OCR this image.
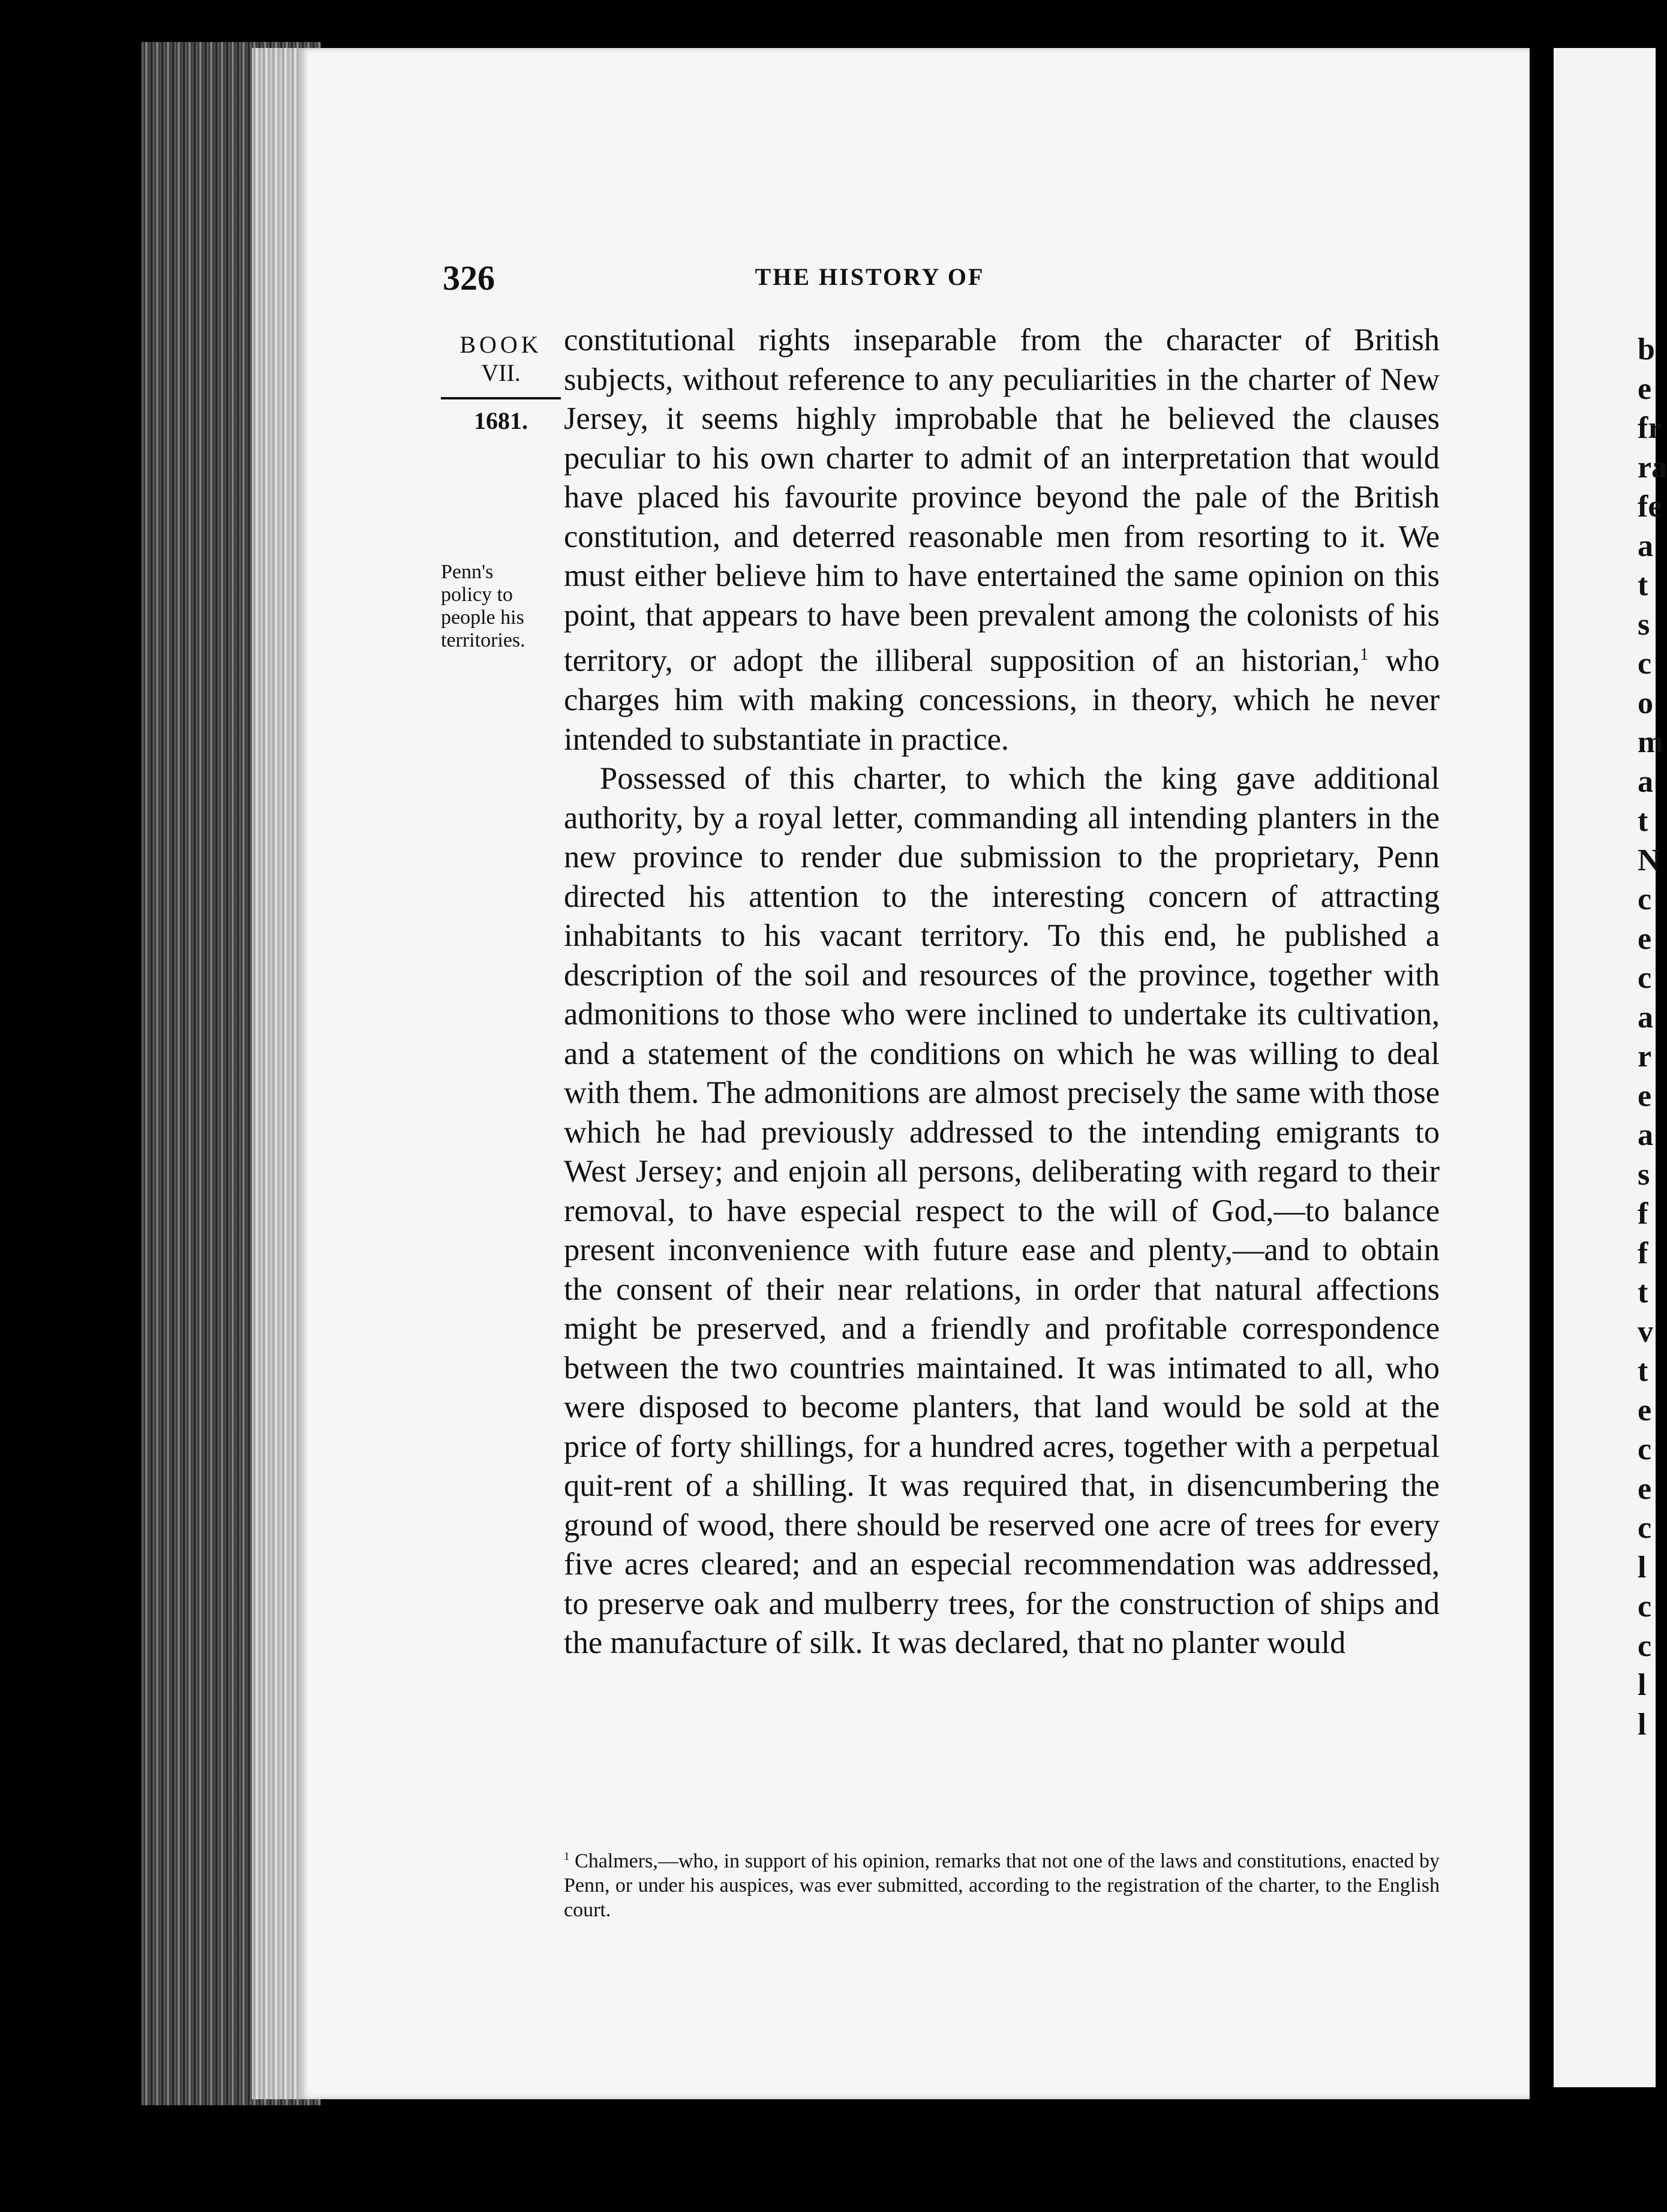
b
e
fr
ra
fe
a
t
s
c
o
m
a
t
N
c
e
c
a
r
e
a
s
f
f
t
v
t
e
c
e
c
l
c
c
l
l
326	THE HISTORY OF
BOOK
VII.
1681.
Penn's policy to people his territories.

constitutional rights inseparable from the character of British subjects, without reference to any peculiarities in the charter of New Jersey, it seems highly improbable that he believed the clauses peculiar to his own charter to admit of an interpretation that would have placed his favourite province beyond the pale of the British constitution, and deterred reasonable men from resorting to it. We must either believe him to have entertained the same opinion on this point, that appears to have been prevalent among the colonists of his territory, or adopt the illiberal supposition of an historian,$^1$ who charges him with making concessions, in theory, which he never intended to substantiate in practice.

Possessed of this charter, to which the king gave additional authority, by a royal letter, commanding all intending planters in the new province to render due submission to the proprietary, Penn directed his attention to the interesting concern of attracting inhabitants to his vacant territory. To this end, he published a description of the soil and resources of the province, together with admonitions to those who were inclined to undertake its cultivation, and a statement of the conditions on which he was willing to deal with them. The admonitions are almost precisely the same with those which he had previously addressed to the intending emigrants to West Jersey; and enjoin all persons, deliberating with regard to their removal, to have especial respect to the will of God,—to balance present inconvenience with future ease and plenty,—and to obtain the consent of their near relations, in order that natural affections might be preserved, and a friendly and profitable correspondence between the two countries maintained. It was intimated to all, who were disposed to become planters, that land would be sold at the price of forty shillings, for a hundred acres, together with a perpetual quit-rent of a shilling. It was required that, in disencumbering the ground of wood, there should be reserved one acre of trees for every five acres cleared; and an especial recommendation was addressed, to preserve oak and mulberry trees, for the construction of ships and the manufacture of silk. It was declared, that no planter would

$^1$ Chalmers,—who, in support of his opinion, remarks that not one of the laws and constitutions, enacted by Penn, or under his auspices, was ever submitted, according to the registration of the charter, to the English court.
